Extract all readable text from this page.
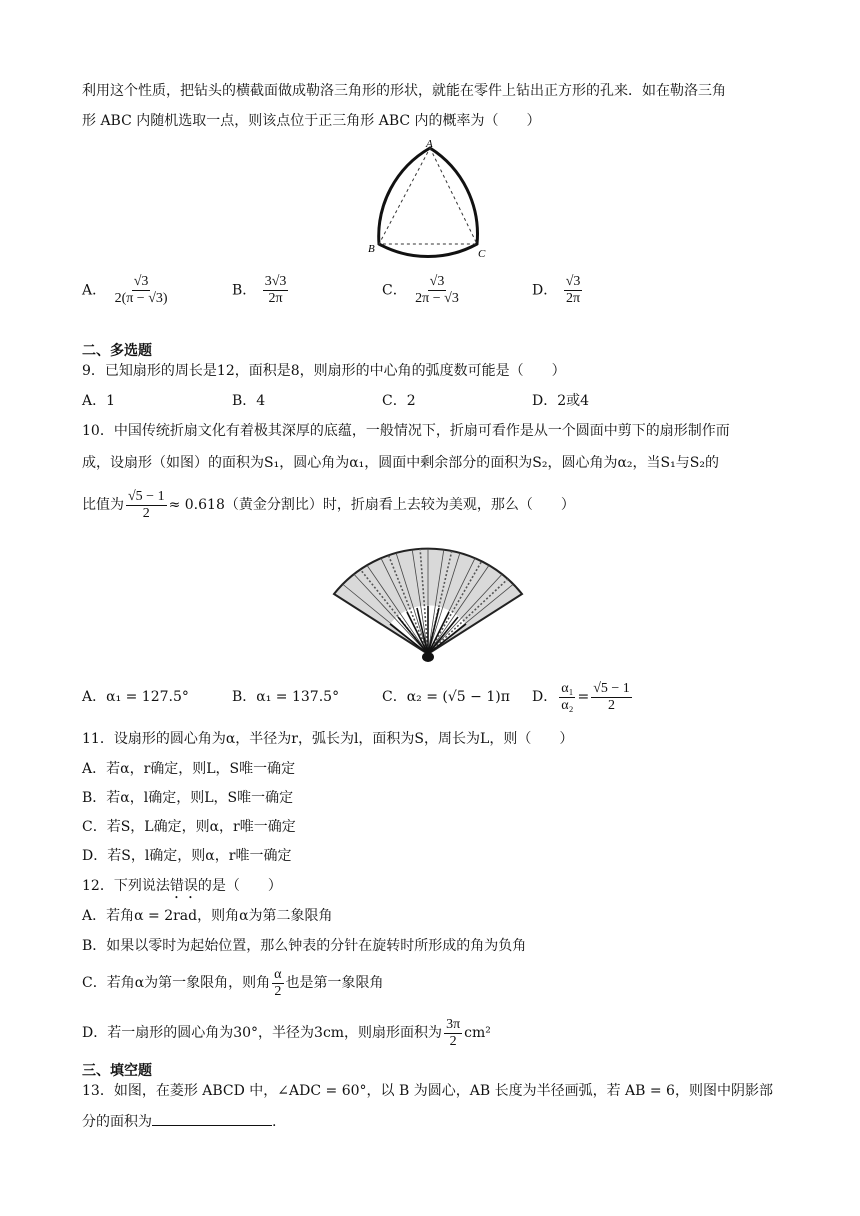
利用这个性质，把钻头的横截面做成勒洛三角形的形状，就能在零件上钻出正方形的孔来．如在勒洛三角
形 ABC 内随机选取一点，则该点位于正三角形 ABC 内的概率为（　　）
A
B	C
A． $\frac{√3}{2(\pi - √3)}$	B． $\frac{3√3}{2\pi}$	C． $\frac{√3}{2\pi - √3}$	D． $\frac{√3}{2\pi}$
二、多选题
9．已知扇形的周长是12，面积是8，则扇形的中心角的弧度数可能是（　　）
A．1	B．4	C．2	D．2或4
10．中国传统折扇文化有着极其深厚的底蕴，一般情况下，折扇可看作是从一个圆面中剪下的扇形制作而
成，设扇形（如图）的面积为S₁，圆心角为α₁，圆面中剩余部分的面积为S₂，圆心角为α₂，当S₁与S₂的
比值为 $\frac{√5 - 1}{2} \approx 0.618$（黄金分割比）时，折扇看上去较为美观，那么（　　）
A．α₁ = 127.5°	B．α₁ = 137.5°	C．α₂ = (√5 − 1)π D． $\frac{\text{α₁}}{\text{α₂}} = \frac{√5 - 1}{2}$
11．设扇形的圆心角为α，半径为r，弧长为l，面积为S，周长为L，则（　　）
A．若α，r确定，则L，S唯一确定
B．若α，l确定，则L，S唯一确定
C．若S，L确定，则α，r唯一确定
D．若S，l确定，则α，r唯一确定
12．下列说法错误的是（　　）
A．若角α = 2rad，则角α为第二象限角
B．如果以零时为起始位置，那么钟表的分针在旋转时所形成的角为负角
C．若角α为第一象限角，则角 $\frac{\alpha}{2}$ 也是第一象限角
D．若一扇形的圆心角为30°，半径为3cm，则扇形面积为 $\frac{3\pi}{2} cm^2$
三、填空题
13．如图，在菱形 ABCD 中，∠ADC = 60°，以 B 为圆心，AB 长度为半径画弧，若 AB = 6，则图中阴影部
分的面积为	.
